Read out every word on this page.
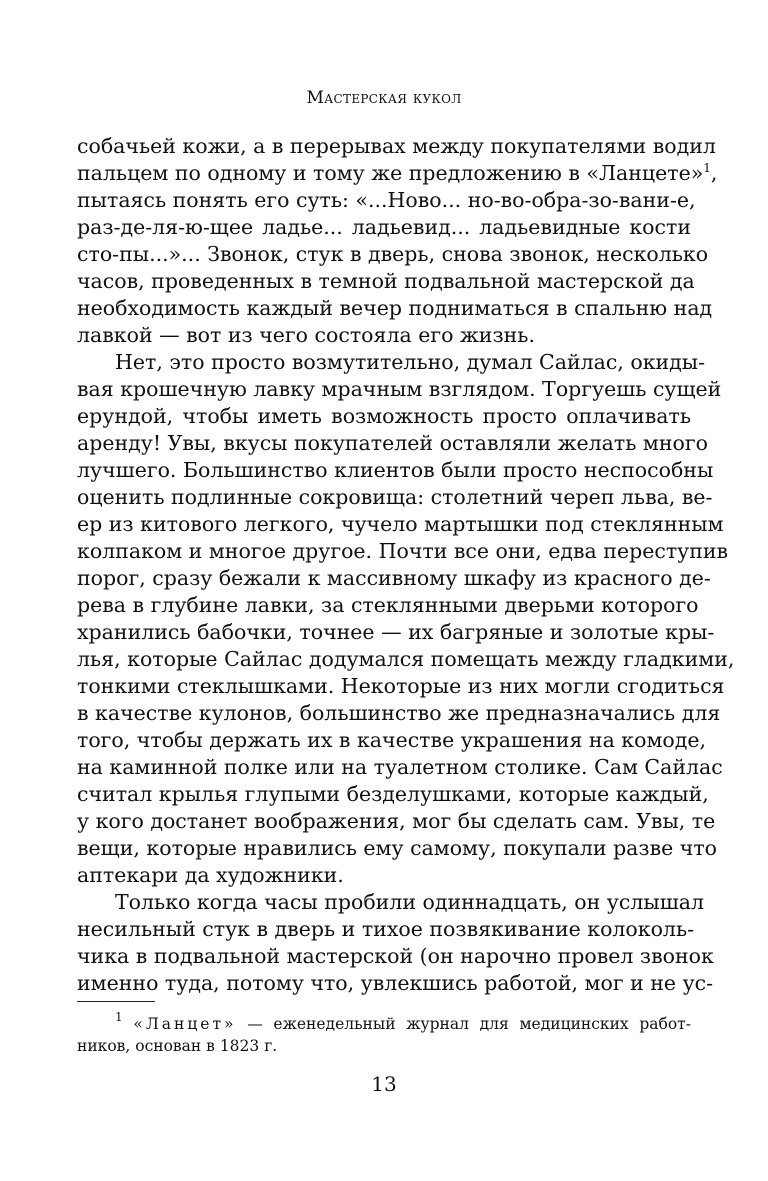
Мастерская кукол

собачьей кожи, а в перерывах между покупателями водил
пальцем по одному и тому же предложению в «Ланцете»$^1$,
пытаясь понять его суть: «...Ново... но-во-обра-зо-вани-е,
раз-де-ля-ю-щее ладье... ладьевид... ладьевидные кости
сто-пы...»... Звонок, стук в дверь, снова звонок, несколько
часов, проведенных в темной подвальной мастерской да
необходимость каждый вечер подниматься в спальню над
лавкой — вот из чего состояла его жизнь.

Нет, это просто возмутительно, думал Сайлас, окиды-
вая крошечную лавку мрачным взглядом. Торгуешь сущей
ерундой, чтобы иметь возможность просто оплачивать
аренду! Увы, вкусы покупателей оставляли желать много
лучшего. Большинство клиентов были просто неспособны
оценить подлинные сокровища: столетний череп льва, ве-
ер из китового легкого, чучело мартышки под стеклянным
колпаком и многое другое. Почти все они, едва переступив
порог, сразу бежали к массивному шкафу из красного де-
рева в глубине лавки, за стеклянными дверьми которого
хранились бабочки, точнее — их багряные и золотые кры-
лья, которые Сайлас додумался помещать между гладкими,
тонкими стеклышками. Некоторые из них могли сгодиться
в качестве кулонов, большинство же предназначались для
того, чтобы держать их в качестве украшения на комоде,
на каминной полке или на туалетном столике. Сам Сайлас
считал крылья глупыми безделушками, которые каждый,
у кого достанет воображения, мог бы сделать сам. Увы, те
вещи, которые нравились ему самому, покупали разве что
аптекари да художники.

Только когда часы пробили одиннадцать, он услышал
несильный стук в дверь и тихое позвякивание колоколь-
чика в подвальной мастерской (он нарочно провел звонок
именно туда, потому что, увлекшись работой, мог и не ус-

$^1$ «Ланцет» — еженедельный журнал для медицинских работ-
ников, основан в 1823 г.
13
